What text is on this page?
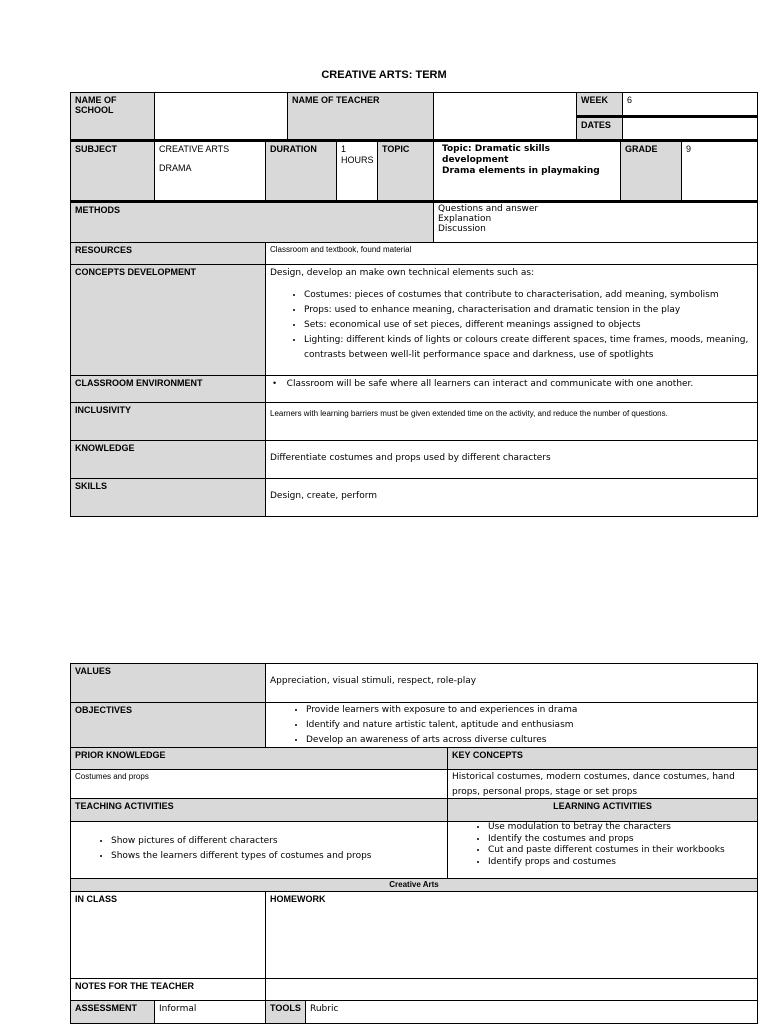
CREATIVE ARTS: TERM
NAME OF SCHOOL
NAME OF TEACHER	WEEK	6
DATES
SUBJECT	CREATIVE ARTS
DRAMA
DURATION	1 HOURS
TOPIC	Topic: Dramatic skills development
Drama elements in playmaking
GRADE	9
METHODS	Questions and answer
Explanation
Discussion
RESOURCES	Classroom and textbook, found material
CONCEPTS DEVELOPMENT	Design, develop an make own technical elements such as:
• Costumes: pieces of costumes that contribute to characterisation, add meaning, symbolism
• Props: used to enhance meaning, characterisation and dramatic tension in the play
• Sets: economical use of set pieces, different meanings assigned to objects
• Lighting: different kinds of lights or colours create different spaces, time frames, moods, meaning, contrasts between well-lit performance space and darkness, use of spotlights
CLASSROOM ENVIRONMENT	• Classroom will be safe where all learners can interact and communicate with one another.
INCLUSIVITY	Learners with learning barriers must be given extended time on the activity, and reduce the number of questions.
KNOWLEDGE
Differentiate costumes and props used by different characters
SKILLS
Design, create, perform
VALUES
Appreciation, visual stimuli, respect, role-play
OBJECTIVES
•	Provide learners with exposure to and experiences in drama
• Identify and nature artistic talent, aptitude and enthusiasm
• Develop an awareness of arts across diverse cultures
PRIOR KNOWLEDGE	KEY CONCEPTS
Costumes and props	Historical costumes, modern costumes, dance costumes, hand props, personal props, stage or set props
TEACHING ACTIVITIES	LEARNING ACTIVITIES
• Show pictures of different characters
• Shows the learners different types of costumes and props
• Use modulation to betray the characters
• Identify the costumes and props
• Cut and paste different costumes in their workbooks
• Identify props and costumes
Creative Arts
IN CLASS	HOMEWORK
NOTES FOR THE TEACHER
ASSESSMENT	Informal	TOOLS	Rubric
